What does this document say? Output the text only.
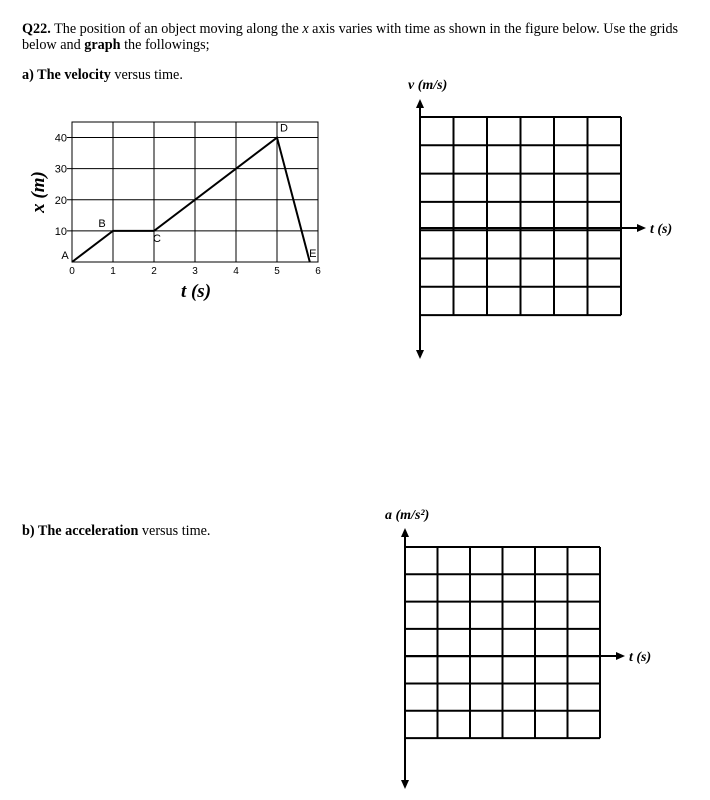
Q22. The position of an object moving along the x axis varies with time as shown in the figure below. Use the grids below and graph the followings;
a) The velocity versus time.
b) The acceleration versus time.
0	1	2	3	4	5	6
40
30
20
10
A
B
C
D
E
t (s)
x (m)
v (m/s)
t (s)
a (m/s²)
t (s)
